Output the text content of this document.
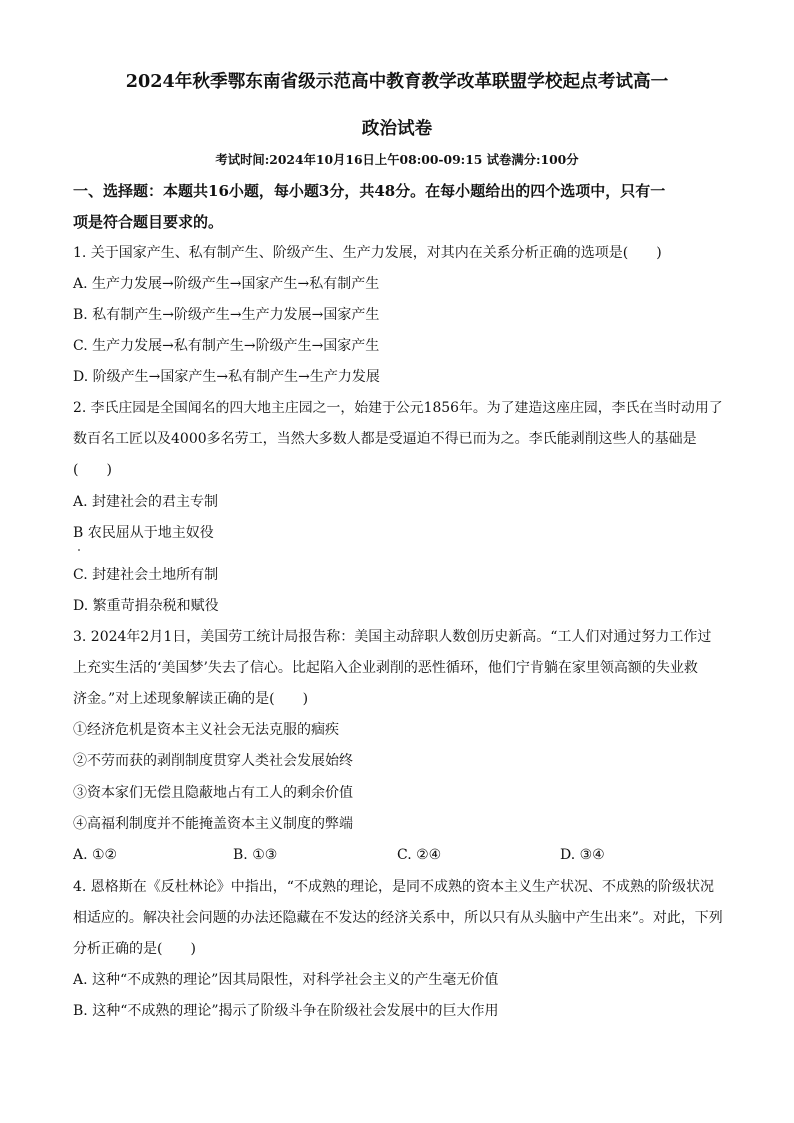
2024年秋季鄂东南省级示范高中教育教学改革联盟学校起点考试高一
政治试卷
考试时间:2024年10月16日上午08:00-09:15 试卷满分:100分
一、选择题：本题共16小题，每小题3分，共48分。在每小题给出的四个选项中，只有一
项是符合题目要求的。
1. 关于国家产生、私有制产生、阶级产生、生产力发展，对其内在关系分析正确的选项是(　　)
A. 生产力发展→阶级产生→国家产生→私有制产生
B. 私有制产生→阶级产生→生产力发展→国家产生
C. 生产力发展→私有制产生→阶级产生→国家产生
D. 阶级产生→国家产生→私有制产生→生产力发展
2. 李氏庄园是全国闻名的四大地主庄园之一，始建于公元1856年。为了建造这座庄园，李氏在当时动用了
数百名工匠以及4000多名劳工，当然大多数人都是受逼迫不得已而为之。李氏能剥削这些人的基础是
(　　)
A. 封建社会的君主专制
B 农民屈从于地主奴役
C. 封建社会土地所有制
D. 繁重苛捐杂税和赋役
3. 2024年2月1日，美国劳工统计局报告称：美国主动辞职人数创历史新高。“工人们对通过努力工作过
上充实生活的‘美国梦’失去了信心。比起陷入企业剥削的恶性循环，他们宁肯躺在家里领高额的失业救
济金。”对上述现象解读正确的是(　　)
①经济危机是资本主义社会无法克服的痼疾
②不劳而获的剥削制度贯穿人类社会发展始终
③资本家们无偿且隐蔽地占有工人的剩余价值
④高福利制度并不能掩盖资本主义制度的弊端
A. ①②	B. ①③	C. ②④	D. ③④
4. 恩格斯在《反杜林论》中指出，“不成熟的理论，是同不成熟的资本主义生产状况、不成熟的阶级状况
相适应的。解决社会问题的办法还隐藏在不发达的经济关系中，所以只有从头脑中产生出来”。对此，下列
分析正确的是(　　)
A. 这种“不成熟的理论”因其局限性，对科学社会主义的产生毫无价值
B. 这种“不成熟的理论”揭示了阶级斗争在阶级社会发展中的巨大作用
